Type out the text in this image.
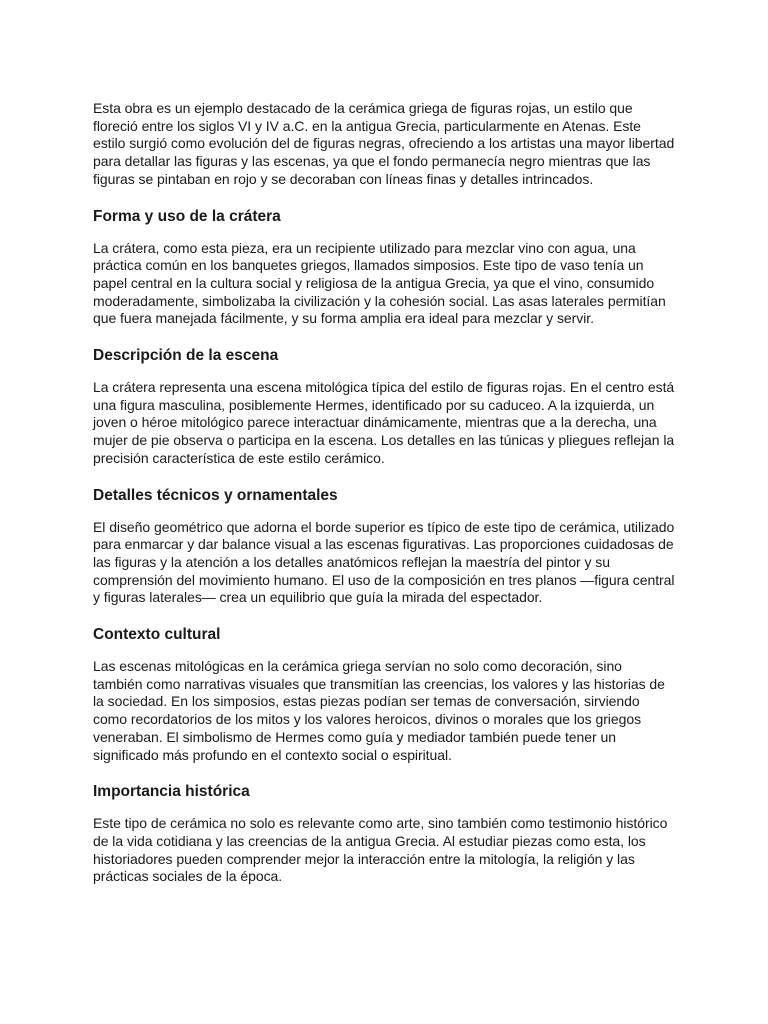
Esta obra es un ejemplo destacado de la cerámica griega de figuras rojas, un estilo que floreció entre los siglos VI y IV a.C. en la antigua Grecia, particularmente en Atenas. Este estilo surgió como evolución del de figuras negras, ofreciendo a los artistas una mayor libertad para detallar las figuras y las escenas, ya que el fondo permanecía negro mientras que las figuras se pintaban en rojo y se decoraban con líneas finas y detalles intrincados.

Forma y uso de la crátera

La crátera, como esta pieza, era un recipiente utilizado para mezclar vino con agua, una práctica común en los banquetes griegos, llamados simposios. Este tipo de vaso tenía un papel central en la cultura social y religiosa de la antigua Grecia, ya que el vino, consumido moderadamente, simbolizaba la civilización y la cohesión social. Las asas laterales permitían que fuera manejada fácilmente, y su forma amplia era ideal para mezclar y servir.

Descripción de la escena

La crátera representa una escena mitológica típica del estilo de figuras rojas. En el centro está una figura masculina, posiblemente Hermes, identificado por su caduceo. A la izquierda, un joven o héroe mitológico parece interactuar dinámicamente, mientras que a la derecha, una mujer de pie observa o participa en la escena. Los detalles en las túnicas y pliegues reflejan la precisión característica de este estilo cerámico.

Detalles técnicos y ornamentales

El diseño geométrico que adorna el borde superior es típico de este tipo de cerámica, utilizado para enmarcar y dar balance visual a las escenas figurativas. Las proporciones cuidadosas de las figuras y la atención a los detalles anatómicos reflejan la maestría del pintor y su comprensión del movimiento humano. El uso de la composición en tres planos —figura central y figuras laterales— crea un equilibrio que guía la mirada del espectador.

Contexto cultural

Las escenas mitológicas en la cerámica griega servían no solo como decoración, sino también como narrativas visuales que transmitían las creencias, los valores y las historias de la sociedad. En los simposios, estas piezas podían ser temas de conversación, sirviendo como recordatorios de los mitos y los valores heroicos, divinos o morales que los griegos veneraban. El simbolismo de Hermes como guía y mediador también puede tener un significado más profundo en el contexto social o espiritual.

Importancia histórica

Este tipo de cerámica no solo es relevante como arte, sino también como testimonio histórico de la vida cotidiana y las creencias de la antigua Grecia. Al estudiar piezas como esta, los historiadores pueden comprender mejor la interacción entre la mitología, la religión y las prácticas sociales de la época.
